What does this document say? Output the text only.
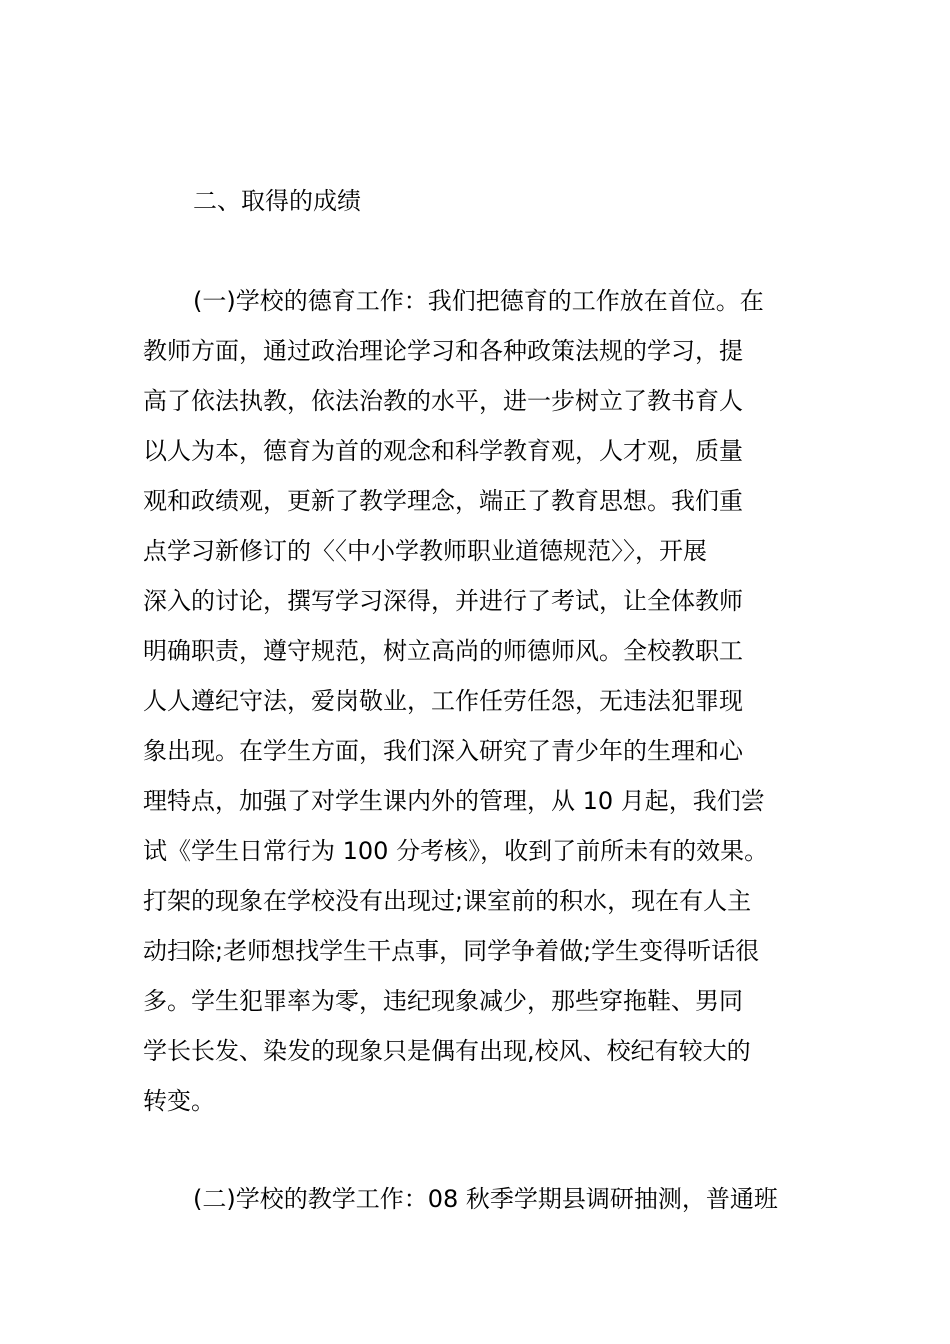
二、取得的成绩
(一)学校的德育工作：我们把德育的工作放在首位。在
教师方面，通过政治理论学习和各种政策法规的学习，提
高了依法执教，依法治教的水平，进一步树立了教书育人
以人为本，德育为首的观念和科学教育观，人才观，质量
观和政绩观，更新了教学理念，端正了教育思想。我们重
点学习新修订的〈〈中小学教师职业道德规范〉〉，开展
深入的讨论，撰写学习深得，并进行了考试，让全体教师
明确职责，遵守规范，树立高尚的师德师风。全校教职工
人人遵纪守法，爱岗敬业，工作任劳任怨，无违法犯罪现
象出现。在学生方面，我们深入研究了青少年的生理和心
理特点，加强了对学生课内外的管理，从 10 月起，我们尝
试《学生日常行为 100 分考核》，收到了前所未有的效果。
打架的现象在学校没有出现过;课室前的积水，现在有人主
动扫除;老师想找学生干点事，同学争着做;学生变得听话很
多。学生犯罪率为零，违纪现象减少，那些穿拖鞋、男同
学长长发、染发的现象只是偶有出现,校风、校纪有较大的
转变。
(二)学校的教学工作：08 秋季学期县调研抽测，普通班
